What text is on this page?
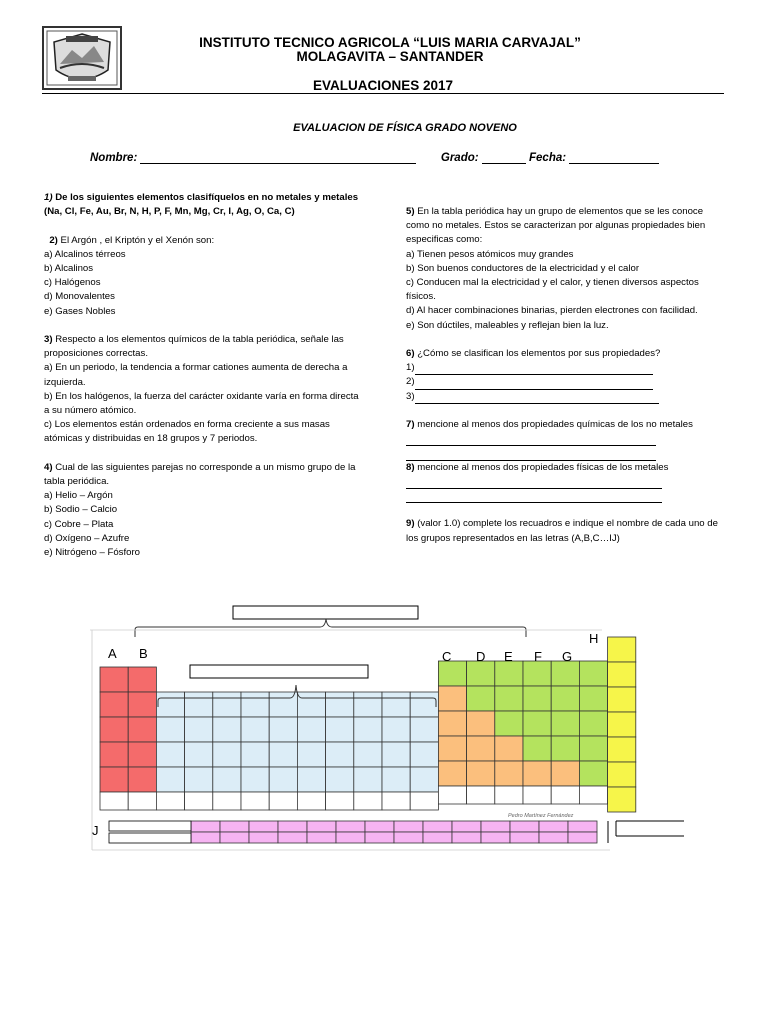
INSTITUTO TECNICO AGRICOLA “LUIS MARIA CARVAJAL”
MOLAGAVITA – SANTANDER
EVALUACIONES 2017
EVALUACION DE FÍSICA GRADO NOVENO
Nombre:	Grado:	Fecha:

1) De los siguientes elementos clasifíquelos en no metales y metales (Na, Cl, Fe, Au, Br, N, H, P, F, Mn, Mg, Cr, I, Ag, O, Ca, C)

2) El Argón , el Kriptón y el Xenón son:

a) Alcalinos térreos

b) Alcalinos

c) Halógenos

d) Monovalentes

e) Gases Nobles

3) Respecto a los elementos químicos de la tabla periódica, señale las proposiciones correctas.

a) En un periodo, la tendencia a formar cationes aumenta de derecha a izquierda.

b) En los halógenos, la fuerza del carácter oxidante varía en forma directa a su número atómico.

c) Los elementos están ordenados en forma creciente a sus masas atómicas y distribuidas en 18 grupos y 7 periodos.

4) Cual de las siguientes parejas no corresponde a un mismo grupo de la tabla periódica.

a) Helio – Argón

b) Sodio – Calcio

c) Cobre – Plata

d) Oxígeno – Azufre

e) Nitrógeno – Fósforo

5) En la tabla periódica hay un grupo de elementos que se les conoce como no metales. Estos se caracterizan por algunas propiedades bien especificas como:

a) Tienen pesos atómicos muy grandes

b) Son buenos conductores de la electricidad y el calor

c) Conducen mal la electricidad y el calor, y tienen diversos aspectos físicos.

d) Al hacer combinaciones binarias, pierden electrones con facilidad.

e) Son dúctiles, maleables y reflejan bien la luz.

6) ¿Cómo se clasifican los elementos por sus propiedades?

1)

2)

3)

7) mencione al menos dos propiedades químicas de los no metales

8) mencione al menos dos propiedades físicas de los metales

9) (valor 1.0) complete los recuadros e indique el nombre de cada uno de los grupos representados en las letras (A,B,C…IJ)

A B	C D E F G
H
J
Pedro Martínez Fernández
